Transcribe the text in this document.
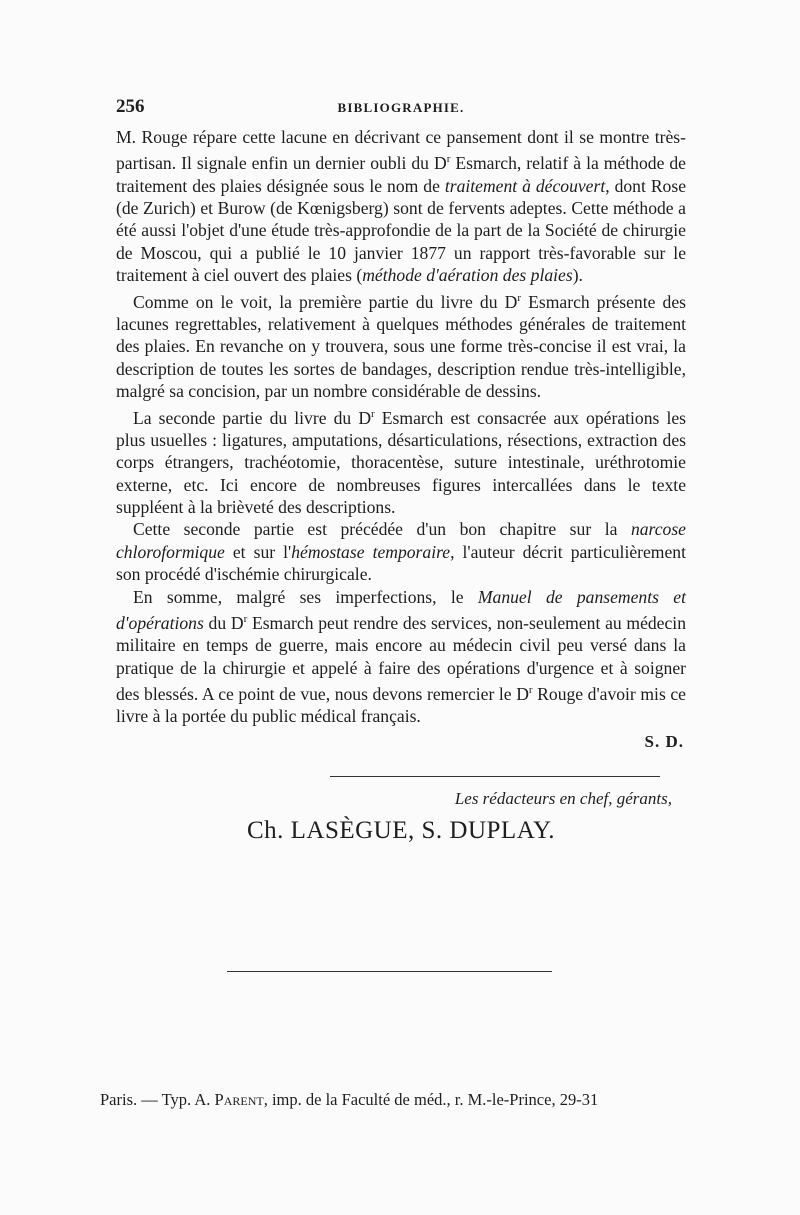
256	BIBLIOGRAPHIE.

M. Rouge répare cette lacune en décrivant ce pansement dont il se montre très-partisan. Il signale enfin un dernier oubli du $D^r$ Esmarch, relatif à la méthode de traitement des plaies désignée sous le nom de traitement à découvert, dont Rose (de Zurich) et Burow (de Kœnigsberg) sont de fervents adeptes. Cette méthode a été aussi l'objet d'une étude très-approfondie de la part de la Société de chirurgie de Moscou, qui a publié le 10 janvier 1877 un rapport très-favorable sur le traitement à ciel ouvert des plaies (méthode d'aération des plaies).

Comme on le voit, la première partie du livre du $D^r$ Esmarch présente des lacunes regrettables, relativement à quelques méthodes générales de traitement des plaies. En revanche on y trouvera, sous une forme très-concise il est vrai, la description de toutes les sortes de bandages, description rendue très-intelligible, malgré sa concision, par un nombre considérable de dessins.

La seconde partie du livre du $D^r$ Esmarch est consacrée aux opérations les plus usuelles : ligatures, amputations, désarticulations, résections, extraction des corps étrangers, trachéotomie, thoracentèse, suture intestinale, uréthrotomie externe, etc. Ici encore de nombreuses figures intercallées dans le texte suppléent à la brièveté des descriptions.

Cette seconde partie est précédée d'un bon chapitre sur la narcose chloroformique et sur l'hémostase temporaire, l'auteur décrit particulièrement son procédé d'ischémie chirurgicale.

En somme, malgré ses imperfections, le Manuel de pansements et d'opérations du $D^r$ Esmarch peut rendre des services, non-seulement au médecin militaire en temps de guerre, mais encore au médecin civil peu versé dans la pratique de la chirurgie et appelé à faire des opérations d'urgence et à soigner des blessés. A ce point de vue, nous devons remercier le $D^r$ Rouge d'avoir mis ce livre à la portée du public médical français.

S. D.
Les rédacteurs en chef, gérants,
Ch. LASÈGUE, S. DUPLAY.
Paris. — Typ. A. Parent, imp. de la Faculté de méd., r. M.-le-Prince, 29-31
